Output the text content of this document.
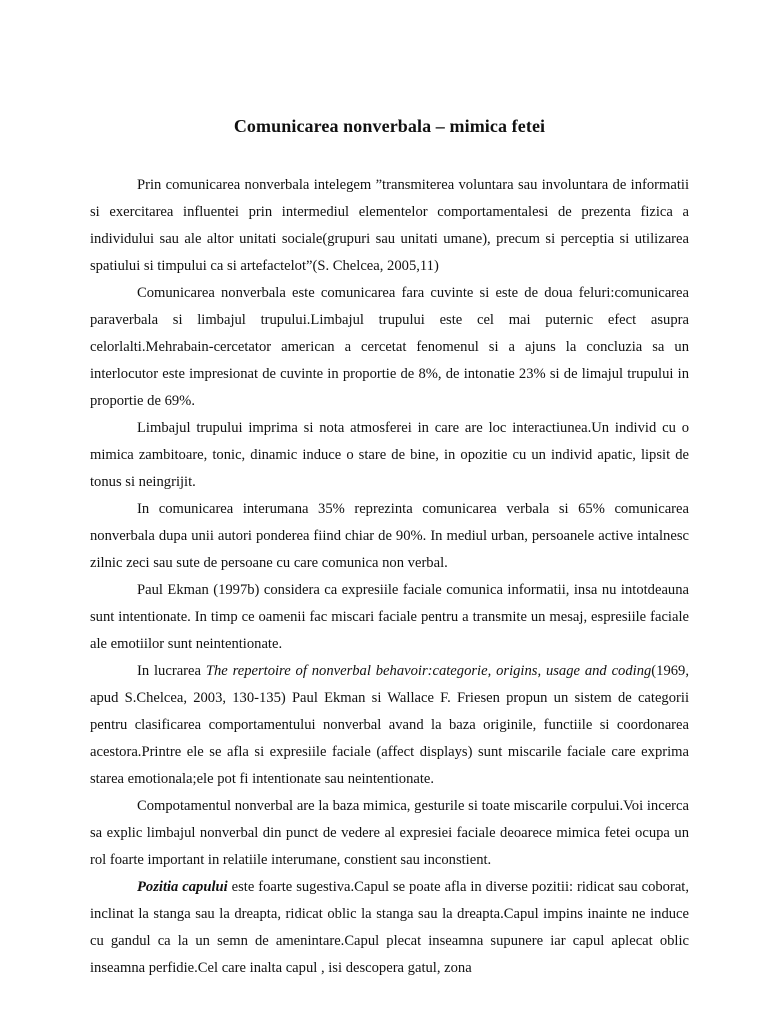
Comunicarea nonverbala – mimica fetei

Prin comunicarea nonverbala intelegem ”transmiterea voluntara sau involuntara de informatii si exercitarea influentei prin intermediul elementelor comportamentalesi de prezenta fizica a individului sau ale altor unitati sociale(grupuri sau unitati umane), precum si perceptia si utilizarea spatiului si timpului ca si artefactelot”(S. Chelcea, 2005,11)

Comunicarea nonverbala este comunicarea fara cuvinte si este de doua feluri:comunicarea paraverbala si limbajul trupului.Limbajul trupului este cel mai puternic efect asupra celorlalti.Mehrabain-cercetator american a cercetat fenomenul si a ajuns la concluzia sa un interlocutor este impresionat de cuvinte in proportie de 8%, de intonatie 23% si de limajul trupului in proportie de 69%.

Limbajul trupului imprima si nota atmosferei in care are loc interactiunea.Un individ cu o mimica zambitoare, tonic, dinamic induce o stare de bine, in opozitie cu un individ apatic, lipsit de tonus si neingrijit.

In comunicarea interumana 35% reprezinta comunicarea verbala si 65% comunicarea nonverbala dupa unii autori ponderea fiind chiar de 90%. In mediul urban, persoanele active intalnesc zilnic zeci sau sute de persoane cu care comunica non verbal.

Paul Ekman (1997b) considera ca expresiile faciale comunica informatii, insa nu intotdeauna sunt intentionate. In timp ce oamenii fac miscari faciale pentru a transmite un mesaj, espresiile faciale ale emotiilor sunt neintentionate.

In lucrarea The repertoire of nonverbal behavoir:categorie, origins, usage and coding(1969, apud S.Chelcea, 2003, 130-135) Paul Ekman si Wallace F. Friesen propun un sistem de categorii pentru clasificarea comportamentului nonverbal avand la baza originile, functiile si coordonarea acestora.Printre ele se afla si expresiile faciale (affect displays) sunt miscarile faciale care exprima starea emotionala;ele pot fi intentionate sau neintentionate.

Compotamentul nonverbal are la baza mimica, gesturile si toate miscarile corpului.Voi incerca sa explic limbajul nonverbal din punct de vedere al expresiei faciale deoarece mimica fetei ocupa un rol foarte important in relatiile interumane, constient sau inconstient.

Pozitia capului este foarte sugestiva.Capul se poate afla in diverse pozitii: ridicat sau coborat, inclinat la stanga sau la dreapta, ridicat oblic la stanga sau la dreapta.Capul impins inainte ne induce cu gandul ca la un semn de amenintare.Capul plecat inseamna supunere iar capul aplecat oblic inseamna perfidie.Cel care inalta capul , isi descopera gatul, zona
